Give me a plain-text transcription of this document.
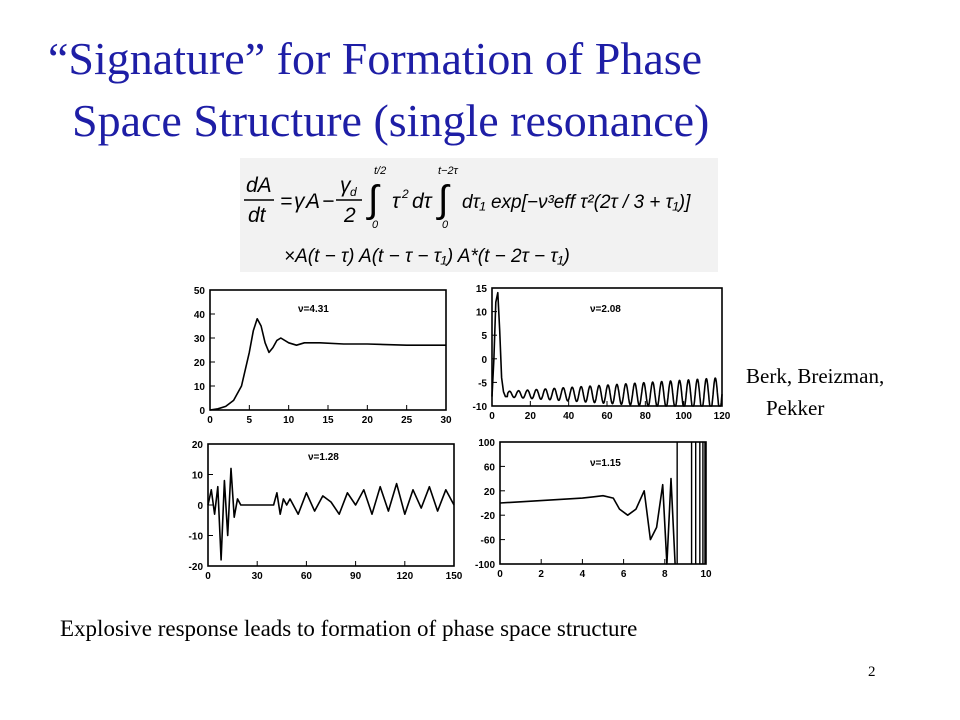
“Signature” for Formation of Phase
Space Structure (single resonance)
dA
dt
= γ A −
γ d
2 ∫
t/2
0
τ 2 dτ ∫
t−2τ
0
dτ₁ exp[−ν³eff τ²(2τ / 3 + τ₁)]
×A(t − τ) A(t − τ − τ₁) A*(t − 2τ − τ₁)
0	5	10	15	20	25	30
50
40
30
20
10
0
ν=4.31
0	20	40	60	80 100 120
15
10
5
0
-5
-10
ν=2.08
0	30	60	90	120	150
20
10
0
-10
-20
ν=1.28
0	2	4	6	8	10
100
60
20
-20
-60
-100
ν=1.15
Berk, Breizman,
Pekker
Explosive response leads to formation of phase space structure
2
